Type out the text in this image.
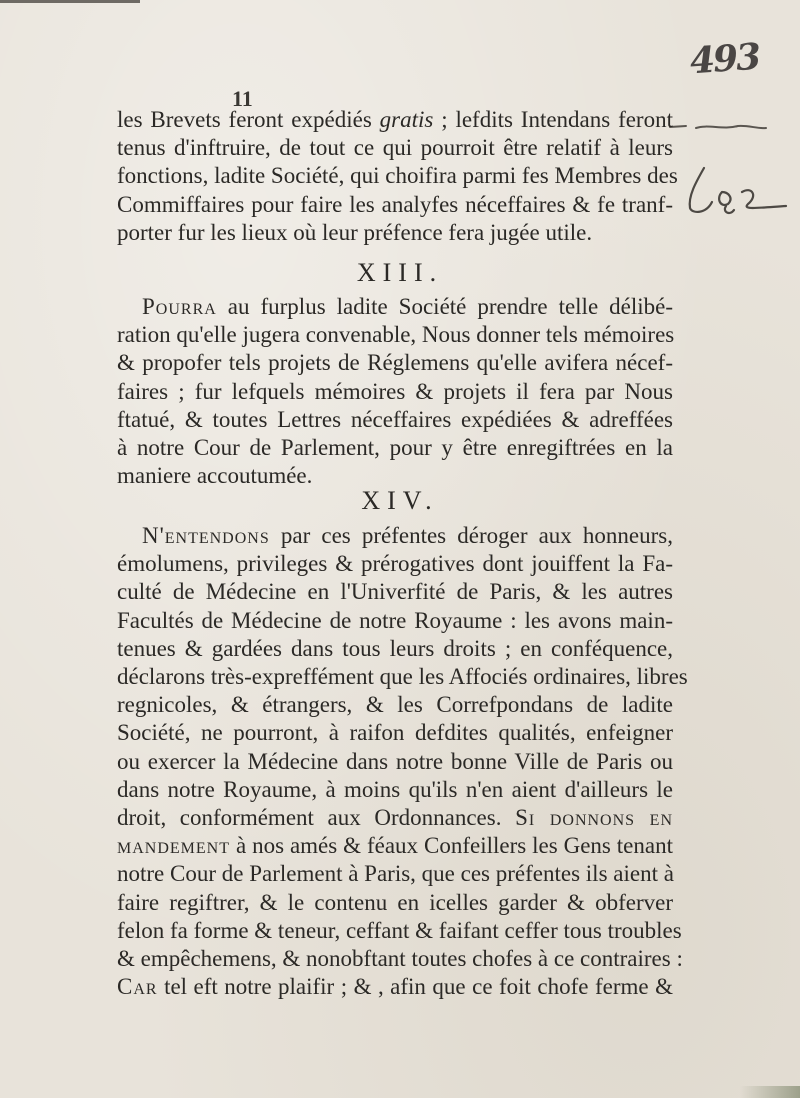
493
11
les Brevets feront expédiés gratis ; lefdits Intendans feront
tenus d'inftruire, de tout ce qui pourroit être relatif à leurs
fonctions, ladite Société, qui choifira parmi fes Membres des
Commiffaires pour faire les analyfes néceffaires & fe tranf-
porter fur les lieux où leur préfence fera jugée utile.
XIII.
Pourra au furplus ladite Société prendre telle délibé-
ration qu'elle jugera convenable, Nous donner tels mémoires
& propofer tels projets de Réglemens qu'elle avifera nécef-
faires ; fur lefquels mémoires & projets il fera par Nous
ftatué, & toutes Lettres néceffaires expédiées & adreffées
à notre Cour de Parlement, pour y être enregiftrées en la
maniere accoutumée.
XIV.
N'entendons par ces préfentes déroger aux honneurs,
émolumens, privileges & prérogatives dont jouiffent la Fa-
culté de Médecine en l'Univerfité de Paris, & les autres
Facultés de Médecine de notre Royaume : les avons main-
tenues & gardées dans tous leurs droits ; en conféquence,
déclarons très-expreffément que les Affociés ordinaires, libres
regnicoles, & étrangers, & les Correfpondans de ladite
Société, ne pourront, à raifon defdites qualités, enfeigner
ou exercer la Médecine dans notre bonne Ville de Paris ou
dans notre Royaume, à moins qu'ils n'en aient d'ailleurs le
droit, conformément aux Ordonnances. Si donnons en
mandement à nos amés & féaux Confeillers les Gens tenant
notre Cour de Parlement à Paris, que ces préfentes ils aient à
faire regiftrer, & le contenu en icelles garder & obferver
felon fa forme & teneur, ceffant & faifant ceffer tous troubles
& empêchemens, & nonobftant toutes chofes à ce contraires :
Car tel eft notre plaifir ; & , afin que ce foit chofe ferme &
